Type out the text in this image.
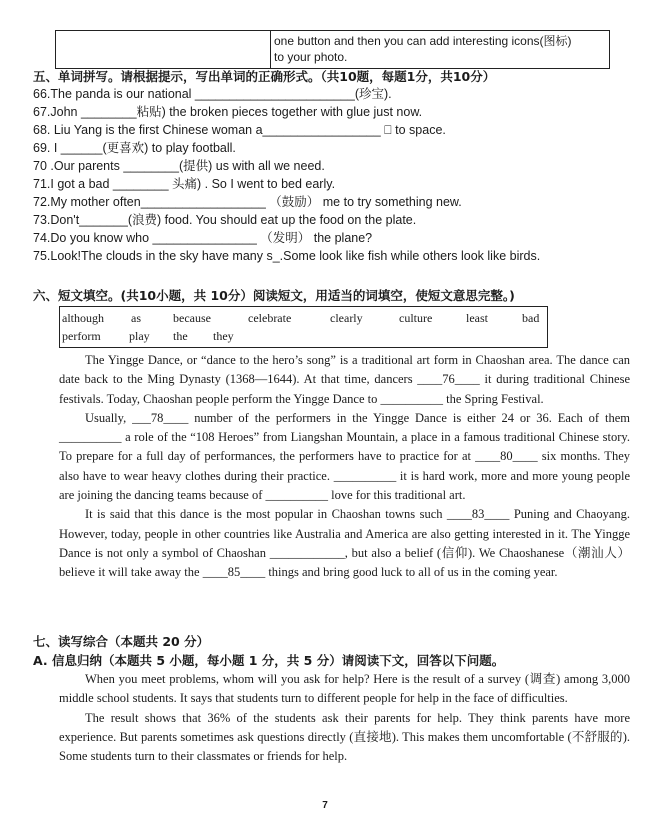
one button and then you can add interesting icons(图标)
to your photo.
五、单词拼写。请根据提示，写出单词的正确形式。（共10题，每题1分，共10分）
66.The panda is our national _______________________(珍宝).
67.John ________粘贴) the broken pieces together with glue just now.
68. Liu Yang is the first Chinese woman a_________________ ⎕ to space.
69. I ______(更喜欢) to play football.
70 .Our parents ________(提供) us with all we need.
71.I got a bad ________ 头痛) . So I went to bed early.
72.My mother often__________________ （鼓励） me to try something new.
73.Don't_______(浪费) food. You should eat up the food on the plate.
74.Do you know who _______________ （发明） the plane?
75.Look!The clouds in the sky have many s_.Some look like fish while others look like birds.
六、短文填空。(共10小题，共 10分）阅读短文，用适当的词填空，使短文意思完整。)
although as	because	celebrate	clearly	culture	least	bad
perform play the they

The Yingge Dance, or “dance to the hero’s song” is a traditional art form in Chaoshan area. The dance can date back to the Ming Dynasty (1368—1644). At that time, dancers ____76____ it during traditional Chinese festivals. Today, Chaoshan people perform the Yingge Dance to __________ the Spring Festival.

Usually, ___78____ number of the performers in the Yingge Dance is either 24 or 36. Each of them __________ a role of the “108 Heroes” from Liangshan Mountain, a place in a famous traditional Chinese story. To prepare for a full day of performances, the performers have to practice for at ____80____ six months. They also have to wear heavy clothes during their practice. __________ it is hard work, more and more young people are joining the dancing teams because of __________ love for this traditional art.

It is said that this dance is the most popular in Chaoshan towns such ____83____ Puning and Chaoyang. However, today, people in other countries like Australia and America are also getting interested in it. The Yingge Dance is not only a symbol of Chaoshan ____________, but also a belief (信仰). We Chaoshanese（潮汕人） believe it will take away the ____85____ things and bring good luck to all of us in the coming year.

七、读写综合（本题共 20 分）
A. 信息归纳（本题共 5 小题，每小题 1 分，共 5 分）请阅读下文，回答以下问题。

When you meet problems, whom will you ask for help? Here is the result of a survey (调查) among 3,000 middle school students. It says that students turn to different people for help in the face of difficulties.

The result shows that 36% of the students ask their parents for help. They think parents have more experience. But parents sometimes ask questions directly (直接地). This makes them uncomfortable (不舒服的). Some students turn to their classmates or friends for help.

7
